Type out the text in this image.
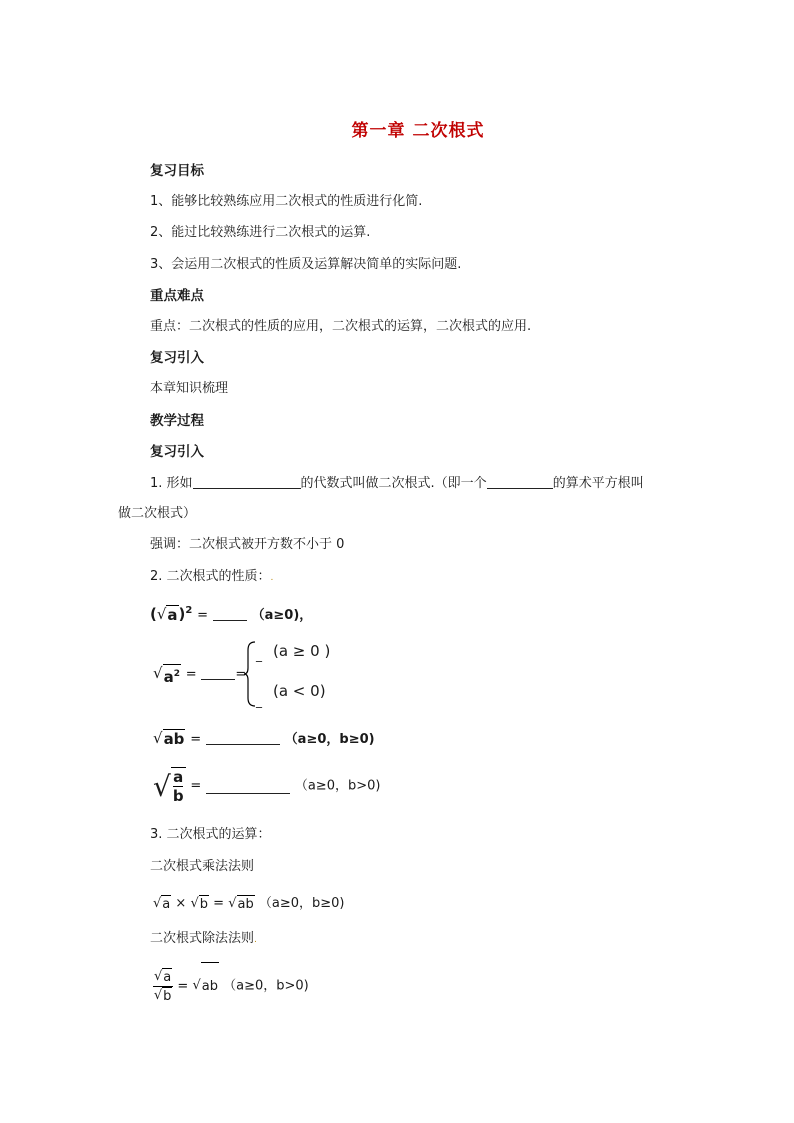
第一章 二次根式
复习目标
1、能够比较熟练应用二次根式的性质进行化简.
2、能过比较熟练进行二次根式的运算.
3、会运用二次根式的性质及运算解决简单的实际问题.
重点难点
重点：二次根式的性质的应用，二次根式的运算，二次根式的应用.
复习引入
本章知识梳理
教学过程
复习引入
1. 形如	的代数式叫做二次根式.（即一个	的算术平方根叫
做二次根式）
强调：二次根式被开方数不小于 0
2. 二次根式的性质：.
( √ a )$^2$ =	（a≥0)，
√ $a^2$ =	=
_ (a ≥ 0 )
_
(a < 0)
√ ab =	（a≥0，b≥0)
√ $\frac{a}{b}$ =	（a≥0，b>0)
3. 二次根式的运算：
二次根式乘法法则
√ a × √ b = √ ab （a≥0，b≥0)
二次根式除法法则.
$\frac{√ a}{√ b}$ = √ ab （a≥0，b>0)
